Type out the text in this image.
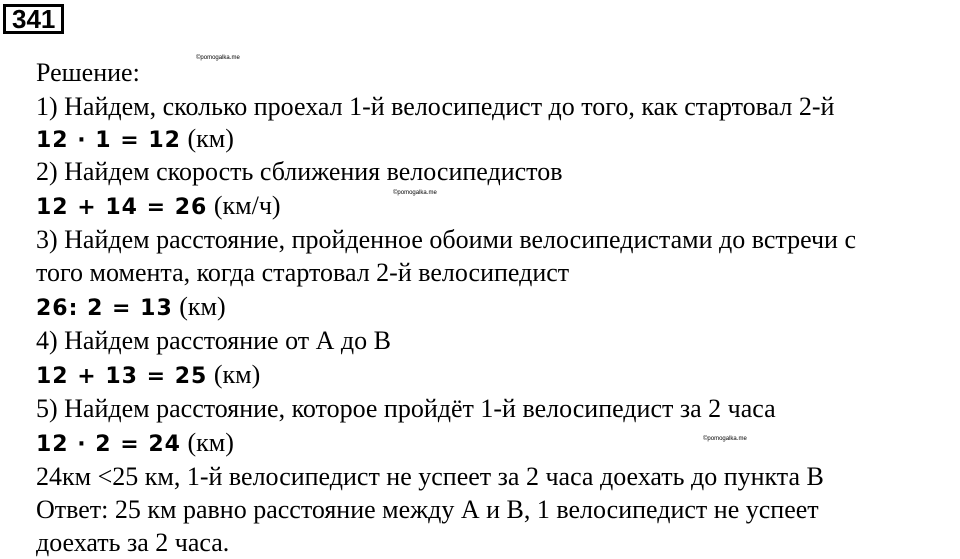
341
©pomogalka.me
©pomogalka.me
©pomogalka.me
Решение:
1) Найдем, сколько проехал 1-й велосипедист до того, как стартовал 2-й
12 · 1 = 12 (км)
2) Найдем скорость сближения велосипедистов
12 + 14 = 26 (км/ч)
3) Найдем расстояние, пройденное обоими велосипедистами до встречи с
того момента, когда стартовал 2-й велосипедист
26: 2 = 13 (км)
4) Найдем расстояние от А до В
12 + 13 = 25 (км)
5) Найдем расстояние, которое пройдёт 1-й велосипедист за 2 часа
12 · 2 = 24 (км)
24км <25 км, 1-й велосипедист не успеет за 2 часа доехать до пункта В
Ответ: 25 км равно расстояние между А и В, 1 велосипедист не успеет
доехать за 2 часа.
